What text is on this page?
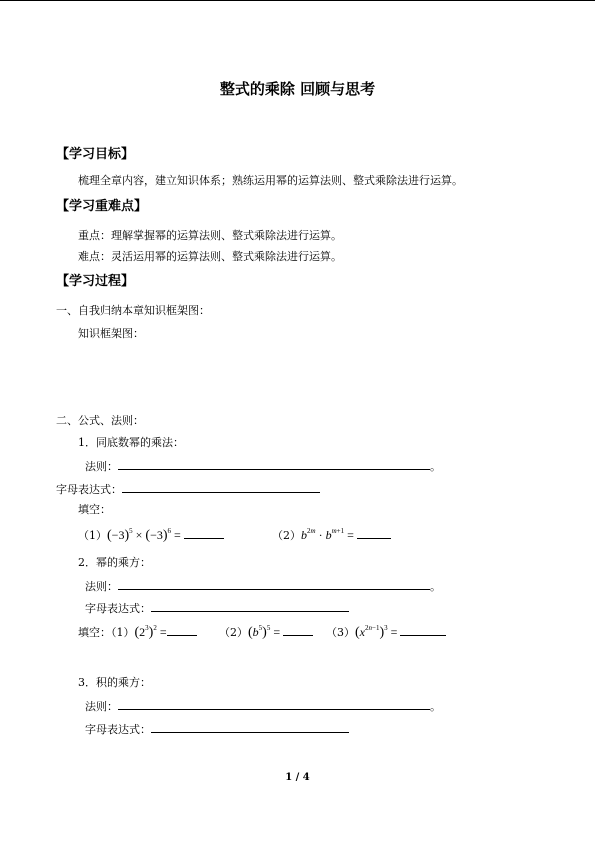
整式的乘除 回顾与思考
【学习目标】
梳理全章内容，建立知识体系；熟练运用幂的运算法则、整式乘除法进行运算。
【学习重难点】
重点：理解掌握幂的运算法则、整式乘除法进行运算。
难点：灵活运用幂的运算法则、整式乘除法进行运算。
【学习过程】
一、自我归纳本章知识框架图：
知识框架图：
二、公式、法则：
1．同底数幂的乘法：
法则：	。
字母表达式：
填空：
$(1)(-3)^5 \times (-3)^6$ =	$(2)b^{2m} \cdot b^{m+1}$ =
2．幂的乘方：
法则：	。
字母表达式：
填空：$(1)(2^3)^2$ =	$(2)(b^5)^5$ =	$(3)(x^{2n-1})^3$ =
3．积的乘方：
法则：	。
字母表达式：
1 / 4
